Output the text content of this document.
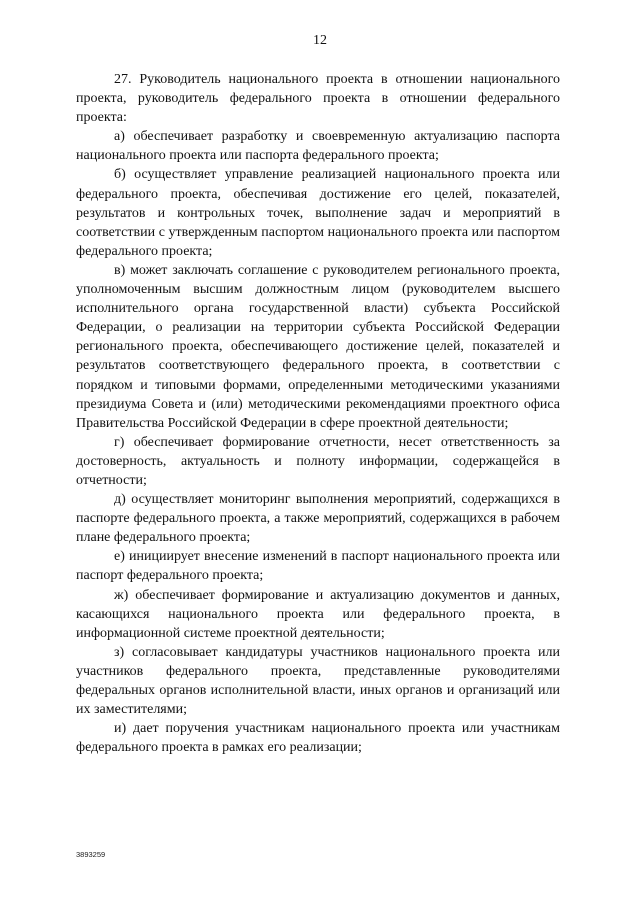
12

27. Руководитель национального проекта в отношении национального проекта, руководитель федерального проекта в отношении федерального проекта:

а) обеспечивает разработку и своевременную актуализацию паспорта национального проекта или паспорта федерального проекта;

б) осуществляет управление реализацией национального проекта или федерального проекта, обеспечивая достижение его целей, показателей, результатов и контрольных точек, выполнение задач и мероприятий в соответствии с утвержденным паспортом национального проекта или паспортом федерального проекта;

в) может заключать соглашение с руководителем регионального проекта, уполномоченным высшим должностным лицом (руководителем высшего исполнительного органа государственной власти) субъекта Российской Федерации, о реализации на территории субъекта Российской Федерации регионального проекта, обеспечивающего достижение целей, показателей и результатов соответствующего федерального проекта, в соответствии с порядком и типовыми формами, определенными методическими указаниями президиума Совета и (или) методическими рекомендациями проектного офиса Правительства Российской Федерации в сфере проектной деятельности;

г) обеспечивает формирование отчетности, несет ответственность за достоверность, актуальность и полноту информации, содержащейся в отчетности;

д) осуществляет мониторинг выполнения мероприятий, содержащихся в паспорте федерального проекта, а также мероприятий, содержащихся в рабочем плане федерального проекта;

е) инициирует внесение изменений в паспорт национального проекта или паспорт федерального проекта;

ж) обеспечивает формирование и актуализацию документов и данных, касающихся национального проекта или федерального проекта, в информационной системе проектной деятельности;

з) согласовывает кандидатуры участников национального проекта или участников федерального проекта, представленные руководителями федеральных органов исполнительной власти, иных органов и организаций или их заместителями;

и) дает поручения участникам национального проекта или участникам федерального проекта в рамках его реализации;

3893259
